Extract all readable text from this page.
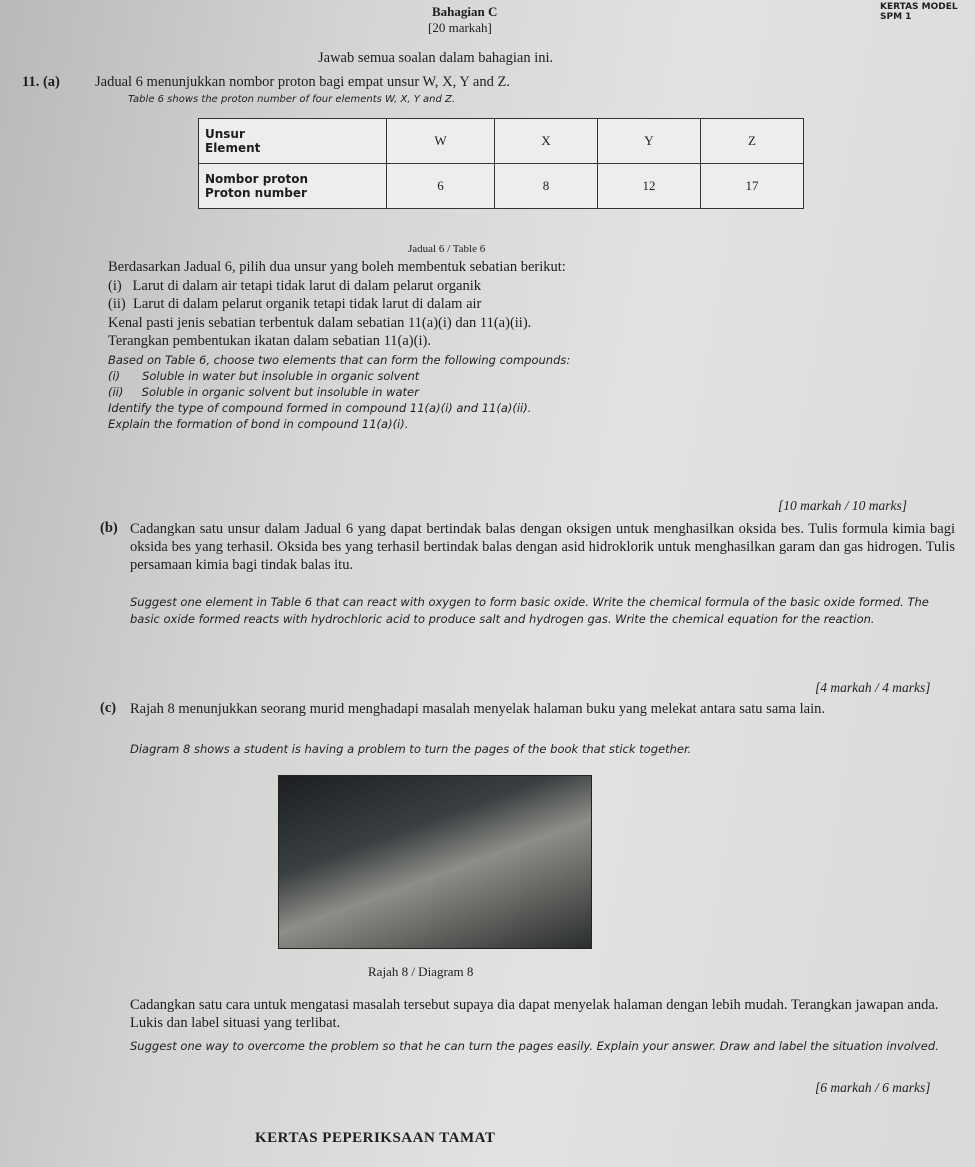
KERTAS MODEL SPM 1
Bahagian C
[20 markah]
Jawab semua soalan dalam bahagian ini.
11. (a) Jadual 6 menunjukkan nombor proton bagi empat unsur W, X, Y and Z.
Table 6 shows the proton number of four elements W, X, Y and Z.
Unsur
Element	W	X	Y	Z
Nombor proton
Proton number	6	8	12	17
Jadual 6 / Table 6
Berdasarkan Jadual 6, pilih dua unsur yang boleh membentuk sebatian berikut:
(i)   Larut di dalam air tetapi tidak larut di dalam pelarut organik
(ii)  Larut di dalam pelarut organik tetapi tidak larut di dalam air
Kenal pasti jenis sebatian terbentuk dalam sebatian 11(a)(i) dan 11(a)(ii).
Terangkan pembentukan ikatan dalam sebatian 11(a)(i).
Based on Table 6, choose two elements that can form the following compounds:
(i)      Soluble in water but insoluble in organic solvent
(ii)     Soluble in organic solvent but insoluble in water
Identify the type of compound formed in compound 11(a)(i) and 11(a)(ii).
Explain the formation of bond in compound 11(a)(i).
[10 markah / 10 marks]
(b) Cadangkan satu unsur dalam Jadual 6 yang dapat bertindak balas dengan oksigen untuk menghasilkan oksida bes. Tulis formula kimia bagi oksida bes yang terhasil. Oksida bes yang terhasil bertindak balas dengan asid hidroklorik untuk menghasilkan garam dan gas hidrogen. Tulis persamaan kimia bagi tindak balas itu.
Suggest one element in Table 6 that can react with oxygen to form basic oxide. Write the chemical formula of the basic oxide formed. The basic oxide formed reacts with hydrochloric acid to produce salt and hydrogen gas. Write the chemical equation for the reaction.
[4 markah / 4 marks]
(c) Rajah 8 menunjukkan seorang murid menghadapi masalah menyelak halaman buku yang melekat antara satu sama lain.
Diagram 8 shows a student is having a problem to turn the pages of the book that stick together.
Rajah 8 / Diagram 8
Cadangkan satu cara untuk mengatasi masalah tersebut supaya dia dapat menyelak halaman dengan lebih mudah. Terangkan jawapan anda. Lukis dan label situasi yang terlibat.
Suggest one way to overcome the problem so that he can turn the pages easily. Explain your answer. Draw and label the situation involved.
[6 markah / 6 marks]
KERTAS PEPERIKSAAN TAMAT
